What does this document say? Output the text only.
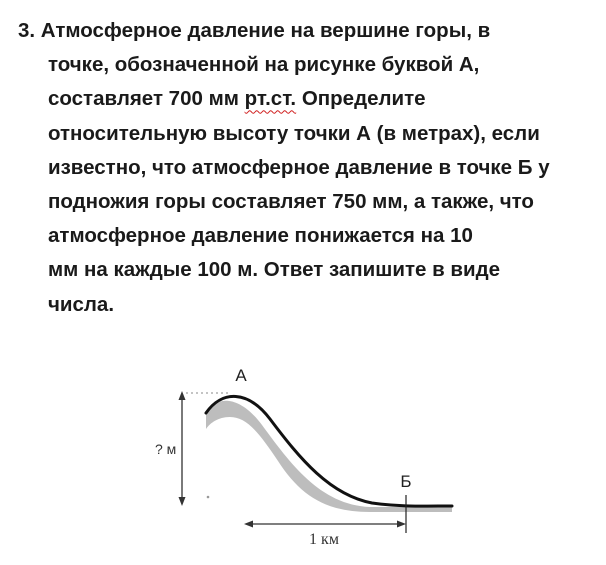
3. Атмосферное давление на вершине горы, в
точке, обозначенной на рисунке буквой А,
составляет 700 мм рт.ст. Определите
относительную высоту точки А (в метрах), если
известно, что атмосферное давление в точке Б у
подножия горы составляет 750 мм, а также, что
атмосферное давление понижается на 10
мм на каждые 100 м. Ответ запишите в виде
числа.
? м
А
Б
1 км
